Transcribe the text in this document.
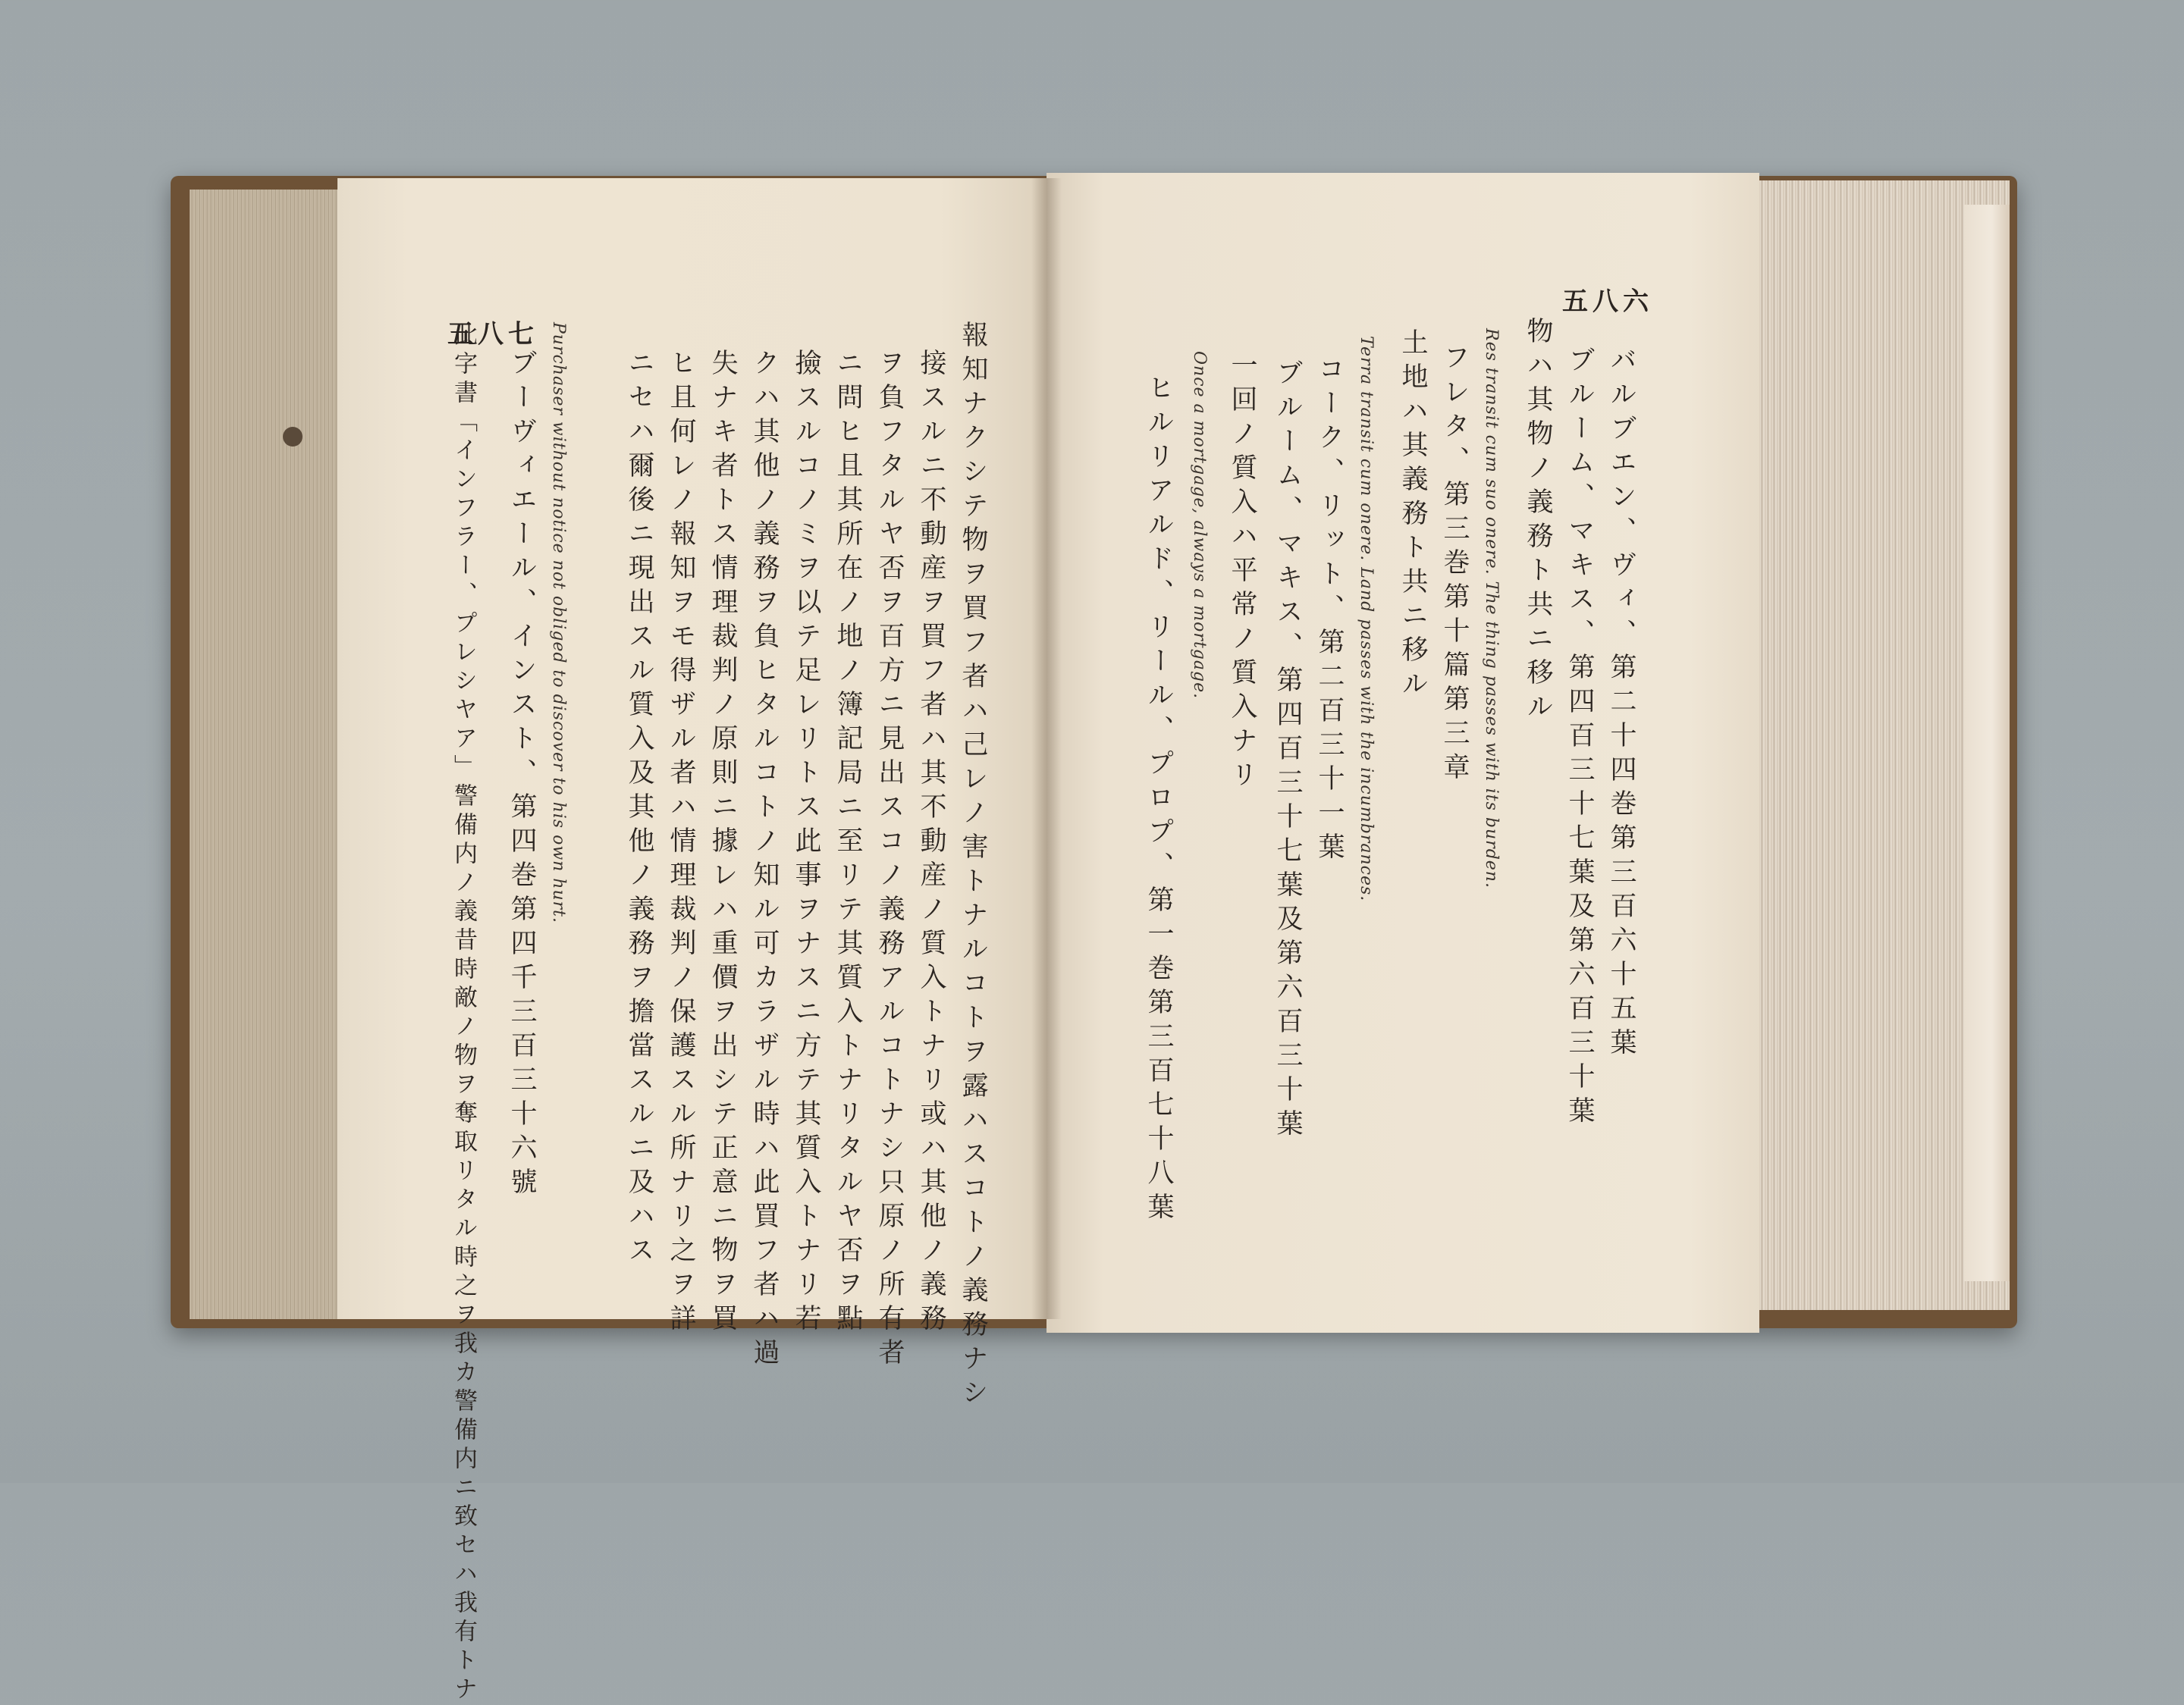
五八七	報知ナクシテ物ヲ買フ者ハ己レノ害トナルコトヲ露ハスコトノ義務ナシ
接スルニ不動産ヲ買フ者ハ其不動産ノ質入トナリ或ハ其他ノ義務
ヲ負フタルヤ否ヲ百方ニ見出スコノ義務アルコトナシ只原ノ所有者
ニ問ヒ且其所在ノ地ノ簿記局ニ至リテ其質入トナリタルヤ否ヲ點
撿スルコノミヲ以テ足レリトス此事ヲナスニ方テ其質入トナリ若
クハ其他ノ義務ヲ負ヒタルコトノ知ル可カラザル時ハ此買フ者ハ過
失ナキ者トス情理裁判ノ原則ニ據レハ重價ヲ出シテ正意ニ物ヲ買
ヒ且何レノ報知ヲモ得ザル者ハ情理裁判ノ保護スル所ナリ之ヲ詳
ニセハ爾後ニ現出スル質入及其他ノ義務ヲ擔當スルニ及ハス
Purchaser without notice not obliged to discover to his own hurt.
ブーヴィエール、インスト、第四巻第四千三百三十六號
此字書「インフラー、プレシヤア」警備内ノ義昔時敵ノ物ヲ奪取リタル時之ヲ我カ警備内ニ致セハ我有トナ
五八六
バルブエン、ヴィ、第二十四巻第三百六十五葉
ブルーム、マキス、第四百三十七葉及第六百三十葉
物ハ其物ノ義務ト共ニ移ル
Res transit cum suo onere. The thing passes with its burden.
フレタ、第三巻第十篇第三章
土地ハ其義務ト共ニ移ル
Terra transit cum onere. Land passes with the incumbrances.
コーク、リット、第二百三十一葉
ブルーム、マキス、第四百三十七葉及第六百三十葉
一回ノ質入ハ平常ノ質入ナリ
Once a mortgage, always a mortgage.
ヒルリアルド、リール、プロプ、第一巻第三百七十八葉
